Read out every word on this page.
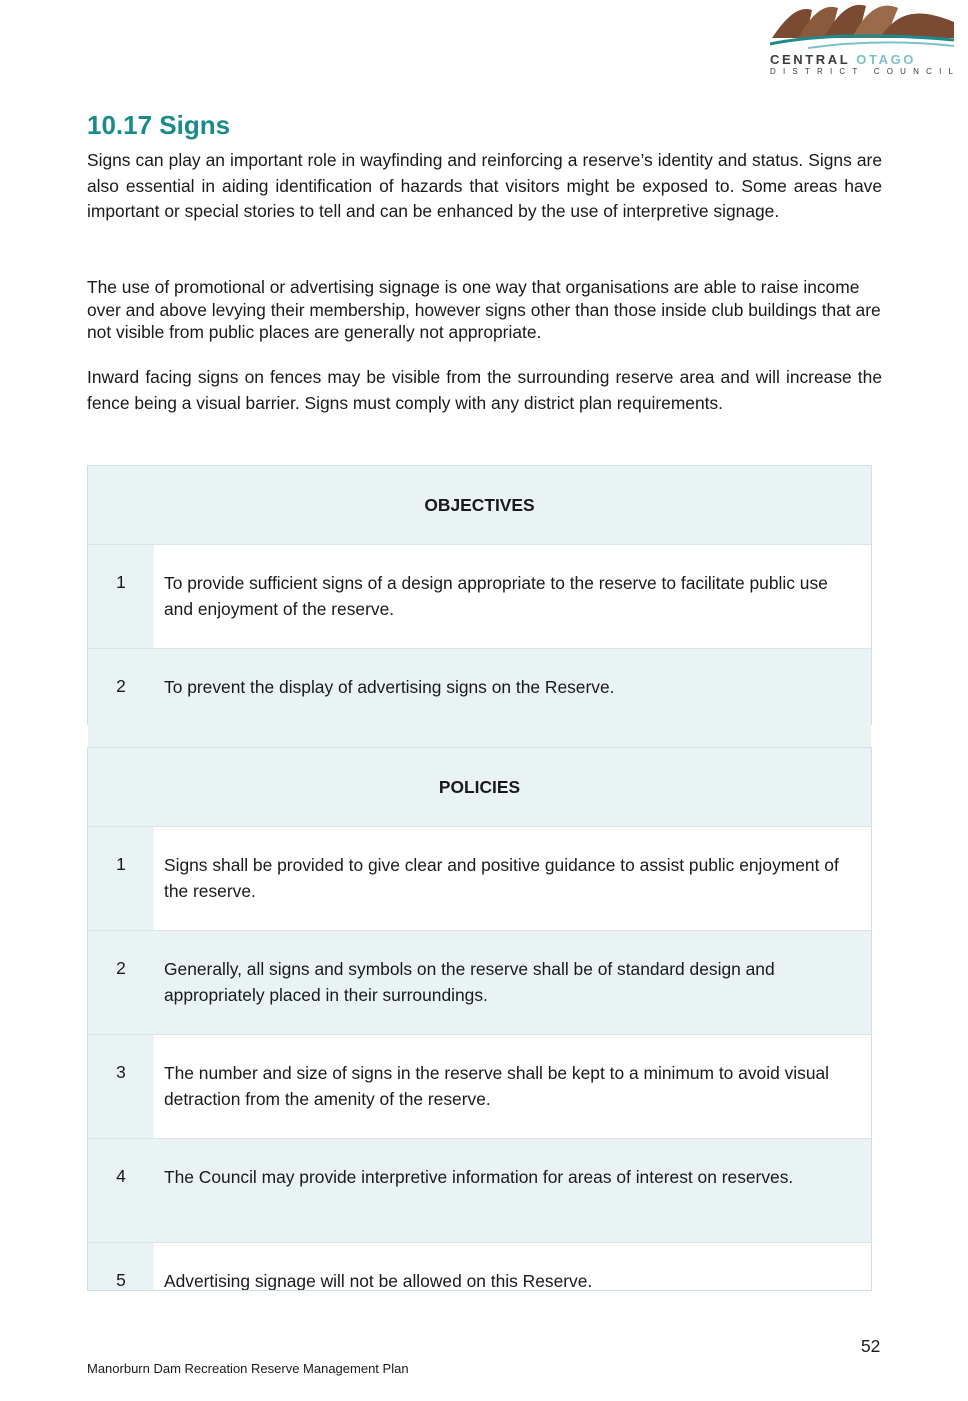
CENTRAL OTAGO
DISTRICT COUNCIL
10.17 Signs

Signs can play an important role in wayfinding and reinforcing a reserve’s identity and status. Signs are also essential in aiding identification of hazards that visitors might be exposed to. Some areas have important or special stories to tell and can be enhanced by the use of interpretive signage.

The use of promotional or advertising signage is one way that organisations are able to raise income over and above levying their membership, however signs other than those inside club buildings that are not visible from public places are generally not appropriate.

Inward facing signs on fences may be visible from the surrounding reserve area and will increase the fence being a visual barrier. Signs must comply with any district plan requirements.

OBJECTIVES
1	To provide sufficient signs of a design appropriate to the reserve to facilitate public use and enjoyment of the reserve.
2	To prevent the display of advertising signs on the Reserve.
POLICIES
1	Signs shall be provided to give clear and positive guidance to assist public enjoyment of the reserve.
2	Generally, all signs and symbols on the reserve shall be of standard design and appropriately placed in their surroundings.
3	The number and size of signs in the reserve shall be kept to a minimum to avoid visual detraction from the amenity of the reserve.
4	The Council may provide interpretive information for areas of interest on reserves.
5	Advertising signage will not be allowed on this Reserve.
52
Manorburn Dam Recreation Reserve Management Plan
